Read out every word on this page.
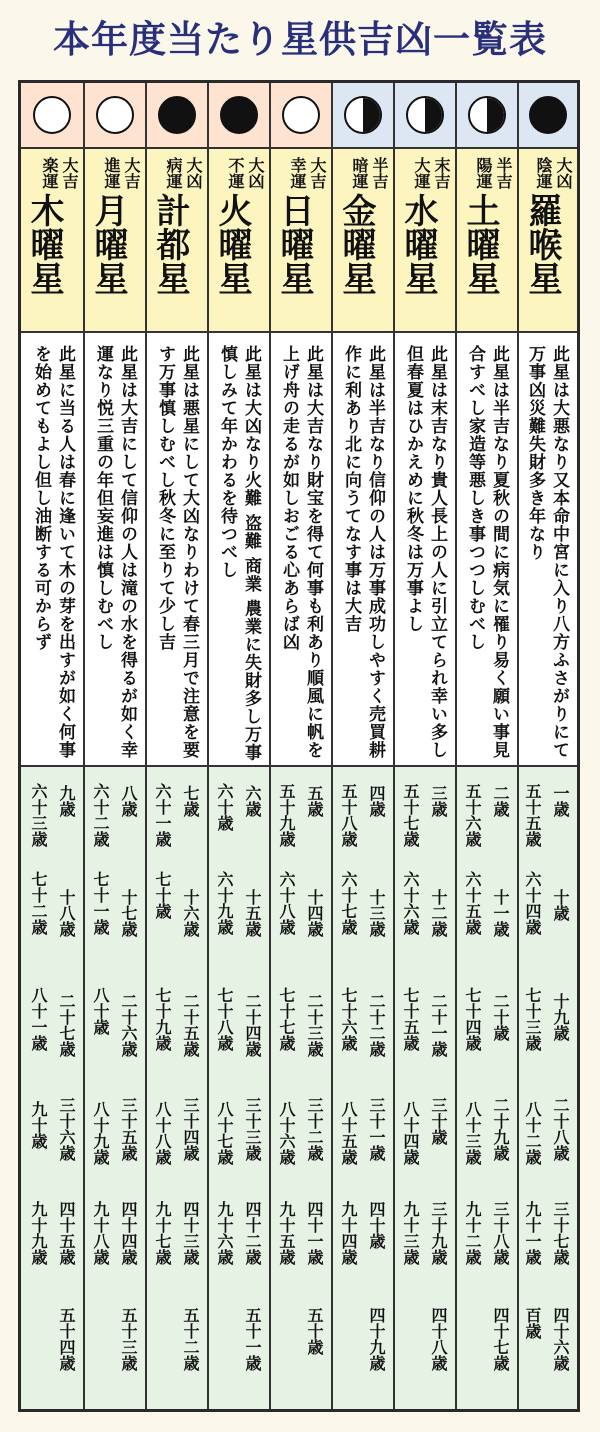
本年度当たり星供吉凶一覧表
大吉
楽運
木曜星
此星に当る人は春に逢いて木の芽を出すが如く何事を始めてもよし但し油断する可からず
九歳
十八歳
二十七歳
三十六歳
四十五歳
五十四歳
六十三歳
七十二歳
八十一歳
九十歳
九十九歳
大吉
進運
月曜星
此星は大吉にして信仰の人は滝の水を得るが如く幸運なり悦三重の年但妄進は慎しむべし
八歳
十七歳
二十六歳
三十五歳
四十四歳
五十三歳
六十二歳
七十一歳
八十歳
八十九歳
九十八歳
大凶
病運
計都星
此星は悪星にして大凶なりわけて春三月で注意を要す万事慎しむべし秋冬に至りて少し吉
七歳
十六歳
二十五歳
三十四歳
四十三歳
五十二歳
六十一歳
七十歳
七十九歳
八十八歳
九十七歳
大凶
不運
火曜星
此星は大凶なり火難 盗難 商業 農業に失財多し万事慎しみて年かわるを待つべし
六歳
十五歳
二十四歳
三十三歳
四十二歳
五十一歳
六十歳
六十九歳
七十八歳
八十七歳
九十六歳
大吉
幸運
日曜星
此星は大吉なり財宝を得て何事も利あり順風に帆を上げ舟の走るが如しおごる心あらば凶
五歳
十四歳
二十三歳
三十二歳
四十一歳
五十歳
五十九歳
六十八歳
七十七歳
八十六歳
九十五歳
半吉
暗運
金曜星
此星は半吉なり信仰の人は万事成功しやすく売買耕作に利あり北に向うてなす事は大吉
四歳
十三歳
二十二歳
三十一歳
四十歳
四十九歳
五十八歳
六十七歳
七十六歳
八十五歳
九十四歳
末吉
大運
水曜星
此星は末吉なり貴人長上の人に引立てられ幸い多し但春夏はひかえめに秋冬は万事よし
三歳
十二歳
二十一歳
三十歳
三十九歳
四十八歳
五十七歳
六十六歳
七十五歳
八十四歳
九十三歳
半吉
陽運
土曜星
此星は半吉なり夏秋の間に病気に罹り易く願い事見合すべし家造等悪しき事つつしむべし
二歳
十一歳
二十歳
二十九歳
三十八歳
四十七歳
五十六歳
六十五歳
七十四歳
八十三歳
九十二歳
大凶
陰運
羅喉星
此星は大悪なり又本命中宮に入り八方ふさがりにて万事凶災難失財多き年なり
一歳
十歳
十九歳
二十八歳
三十七歳
四十六歳
五十五歳
六十四歳
七十三歳
八十二歳
九十一歳
百歳
